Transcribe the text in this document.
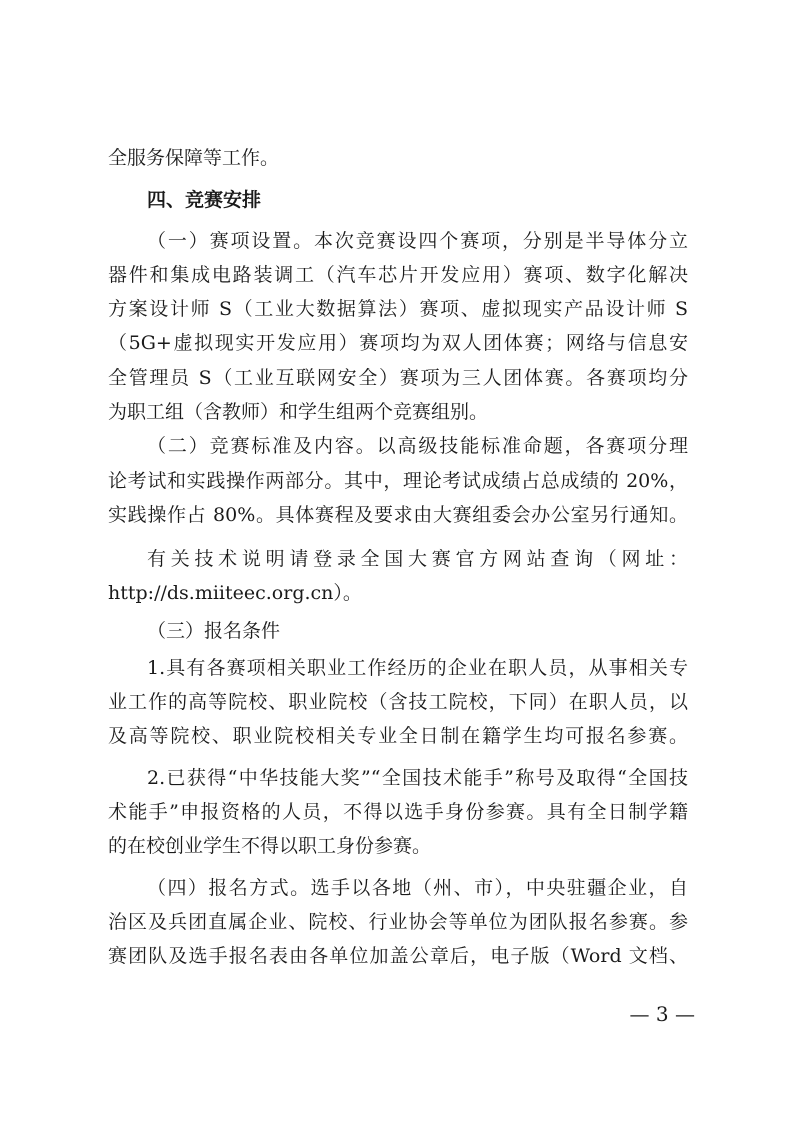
全服务保障等工作。
四、竞赛安排
（一）赛项设置。本次竞赛设四个赛项，分别是半导体分立
器件和集成电路装调工（汽车芯片开发应用）赛项、数字化解决
方案设计师 S（工业大数据算法）赛项、虚拟现实产品设计师 S
（5G+虚拟现实开发应用）赛项均为双人团体赛；网络与信息安
全管理员 S（工业互联网安全）赛项为三人团体赛。各赛项均分
为职工组（含教师）和学生组两个竞赛组别。
（二）竞赛标准及内容。以高级技能标准命题，各赛项分理
论考试和实践操作两部分。其中，理论考试成绩占总成绩的 20%，
实践操作占 80%。具体赛程及要求由大赛组委会办公室另行通知。
有关技术说明请登录全国大赛官方网站查询（网址：
http://ds.miiteec.org.cn）。
（三）报名条件
1.具有各赛项相关职业工作经历的企业在职人员，从事相关专
业工作的高等院校、职业院校（含技工院校，下同）在职人员，以
及高等院校、职业院校相关专业全日制在籍学生均可报名参赛。
2.已获得“中华技能大奖”“全国技术能手”称号及取得“全国技
术能手”申报资格的人员，不得以选手身份参赛。具有全日制学籍
的在校创业学生不得以职工身份参赛。
（四）报名方式。选手以各地（州、市），中央驻疆企业，自
治区及兵团直属企业、院校、行业协会等单位为团队报名参赛。参
赛团队及选手报名表由各单位加盖公章后，电子版（Word 文档、
— 3 —
